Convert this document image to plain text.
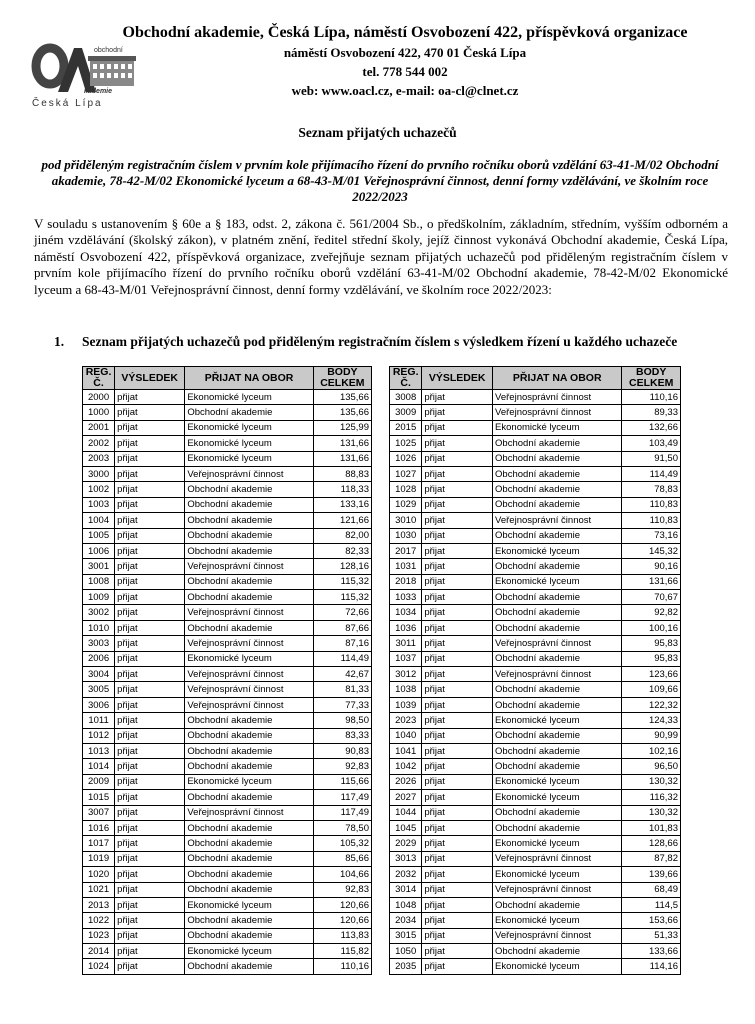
obchodní
kademie
Česká Lípa

Obchodní akademie, Česká Lípa, náměstí Osvobození 422, příspěvková organizace

náměstí Osvobození 422, 470 01 Česká Lípa

tel. 778 544 002

web: www.oacl.cz, e-mail: oa-cl@clnet.cz

Seznam přijatých uchazečů
pod přiděleným registračním číslem v prvním kole přijímacího řízení do prvního ročníku oborů vzdělání 63-41-M/02 Obchodní akademie, 78-42-M/02 Ekonomické lyceum a 68-43-M/01 Veřejnosprávní činnost, denní formy vzdělávání, ve školním roce 2022/2023
V souladu s ustanovením § 60e a § 183, odst. 2, zákona č. 561/2004 Sb., o předškolním, základním, středním, vyšším odborném a jiném vzdělávání (školský zákon), v platném znění, ředitel střední školy, jejíž činnost vykonává Obchodní akademie, Česká Lípa, náměstí Osvobození 422, příspěvková organizace, zveřejňuje seznam přijatých uchazečů pod přiděleným registračním číslem v prvním kole přijímacího řízení do prvního ročníku oborů vzdělání 63-41-M/02 Obchodní akademie, 78-42-M/02 Ekonomické lyceum a 68-43-M/01 Veřejnosprávní činnost, denní formy vzdělávání, ve školním roce 2022/2023:
1. Seznam přijatých uchazečů pod přiděleným registračním číslem s výsledkem řízení u každého uchazeče
REG.
Č.	VÝSLEDEK	PŘIJAT NA OBOR	BODY
CELKEM
2000	přijat	Ekonomické lyceum	135,66
1000	přijat	Obchodní akademie	135,66
2001	přijat	Ekonomické lyceum	125,99
2002	přijat	Ekonomické lyceum	131,66
2003	přijat	Ekonomické lyceum	131,66
3000	přijat	Veřejnosprávní činnost	88,83
1002	přijat	Obchodní akademie	118,33
1003	přijat	Obchodní akademie	133,16
1004	přijat	Obchodní akademie	121,66
1005	přijat	Obchodní akademie	82,00
1006	přijat	Obchodní akademie	82,33
3001	přijat	Veřejnosprávní činnost	128,16
1008	přijat	Obchodní akademie	115,32
1009	přijat	Obchodní akademie	115,32
3002	přijat	Veřejnosprávní činnost	72,66
1010	přijat	Obchodní akademie	87,66
3003	přijat	Veřejnosprávní činnost	87,16
2006	přijat	Ekonomické lyceum	114,49
3004	přijat	Veřejnosprávní činnost	42,67
3005	přijat	Veřejnosprávní činnost	81,33
3006	přijat	Veřejnosprávní činnost	77,33
1011	přijat	Obchodní akademie	98,50
1012	přijat	Obchodní akademie	83,33
1013	přijat	Obchodní akademie	90,83
1014	přijat	Obchodní akademie	92,83
2009	přijat	Ekonomické lyceum	115,66
1015	přijat	Obchodní akademie	117,49
3007	přijat	Veřejnosprávní činnost	117,49
1016	přijat	Obchodní akademie	78,50
1017	přijat	Obchodní akademie	105,32
1019	přijat	Obchodní akademie	85,66
1020	přijat	Obchodní akademie	104,66
1021	přijat	Obchodní akademie	92,83
2013	přijat	Ekonomické lyceum	120,66
1022	přijat	Obchodní akademie	120,66
1023	přijat	Obchodní akademie	113,83
2014	přijat	Ekonomické lyceum	115,82
1024	přijat	Obchodní akademie	110,16
REG.
Č.	VÝSLEDEK	PŘIJAT NA OBOR	BODY
CELKEM
3008	přijat	Veřejnosprávní činnost	110,16
3009	přijat	Veřejnosprávní činnost	89,33
2015	přijat	Ekonomické lyceum	132,66
1025	přijat	Obchodní akademie	103,49
1026	přijat	Obchodní akademie	91,50
1027	přijat	Obchodní akademie	114,49
1028	přijat	Obchodní akademie	78,83
1029	přijat	Obchodní akademie	110,83
3010	přijat	Veřejnosprávní činnost	110,83
1030	přijat	Obchodní akademie	73,16
2017	přijat	Ekonomické lyceum	145,32
1031	přijat	Obchodní akademie	90,16
2018	přijat	Ekonomické lyceum	131,66
1033	přijat	Obchodní akademie	70,67
1034	přijat	Obchodní akademie	92,82
1036	přijat	Obchodní akademie	100,16
3011	přijat	Veřejnosprávní činnost	95,83
1037	přijat	Obchodní akademie	95,83
3012	přijat	Veřejnosprávní činnost	123,66
1038	přijat	Obchodní akademie	109,66
1039	přijat	Obchodní akademie	122,32
2023	přijat	Ekonomické lyceum	124,33
1040	přijat	Obchodní akademie	90,99
1041	přijat	Obchodní akademie	102,16
1042	přijat	Obchodní akademie	96,50
2026	přijat	Ekonomické lyceum	130,32
2027	přijat	Ekonomické lyceum	116,32
1044	přijat	Obchodní akademie	130,32
1045	přijat	Obchodní akademie	101,83
2029	přijat	Ekonomické lyceum	128,66
3013	přijat	Veřejnosprávní činnost	87,82
2032	přijat	Ekonomické lyceum	139,66
3014	přijat	Veřejnosprávní činnost	68,49
1048	přijat	Obchodní akademie	114,5
2034	přijat	Ekonomické lyceum	153,66
3015	přijat	Veřejnosprávní činnost	51,33
1050	přijat	Obchodní akademie	133,66
2035	přijat	Ekonomické lyceum	114,16
